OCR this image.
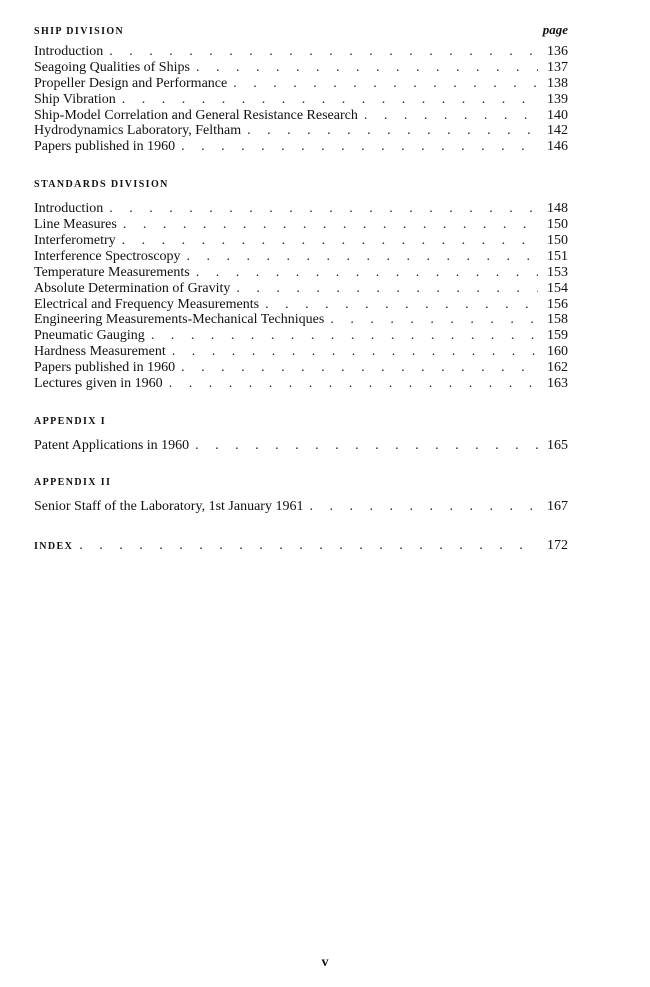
SHIP DIVISION	page
Introduction . . .	136
Seagoing Qualities of Ships . . .	137
Propeller Design and Performance . . .	138
Ship Vibration . . .	139
Ship-Model Correlation and General Resistance Research . . .	140
Hydrodynamics Laboratory, Feltham . . .	142
Papers published in 1960 . . .	146
STANDARDS DIVISION
Introduction . . .	148
Line Measures . . .	150
Interferometry . . .	150
Interference Spectroscopy . . .	151
Temperature Measurements . . .	153
Absolute Determination of Gravity . . .	154
Electrical and Frequency Measurements . . .	156
Engineering Measurements-Mechanical Techniques . . .	158
Pneumatic Gauging . . .	159
Hardness Measurement . . .	160
Papers published in 1960 . . .	162
Lectures given in 1960 . . .	163
APPENDIX I
Patent Applications in 1960 . . .	165
APPENDIX II
Senior Staff of the Laboratory, 1st January 1961 . . .	167
INDEX . . .	172
v
